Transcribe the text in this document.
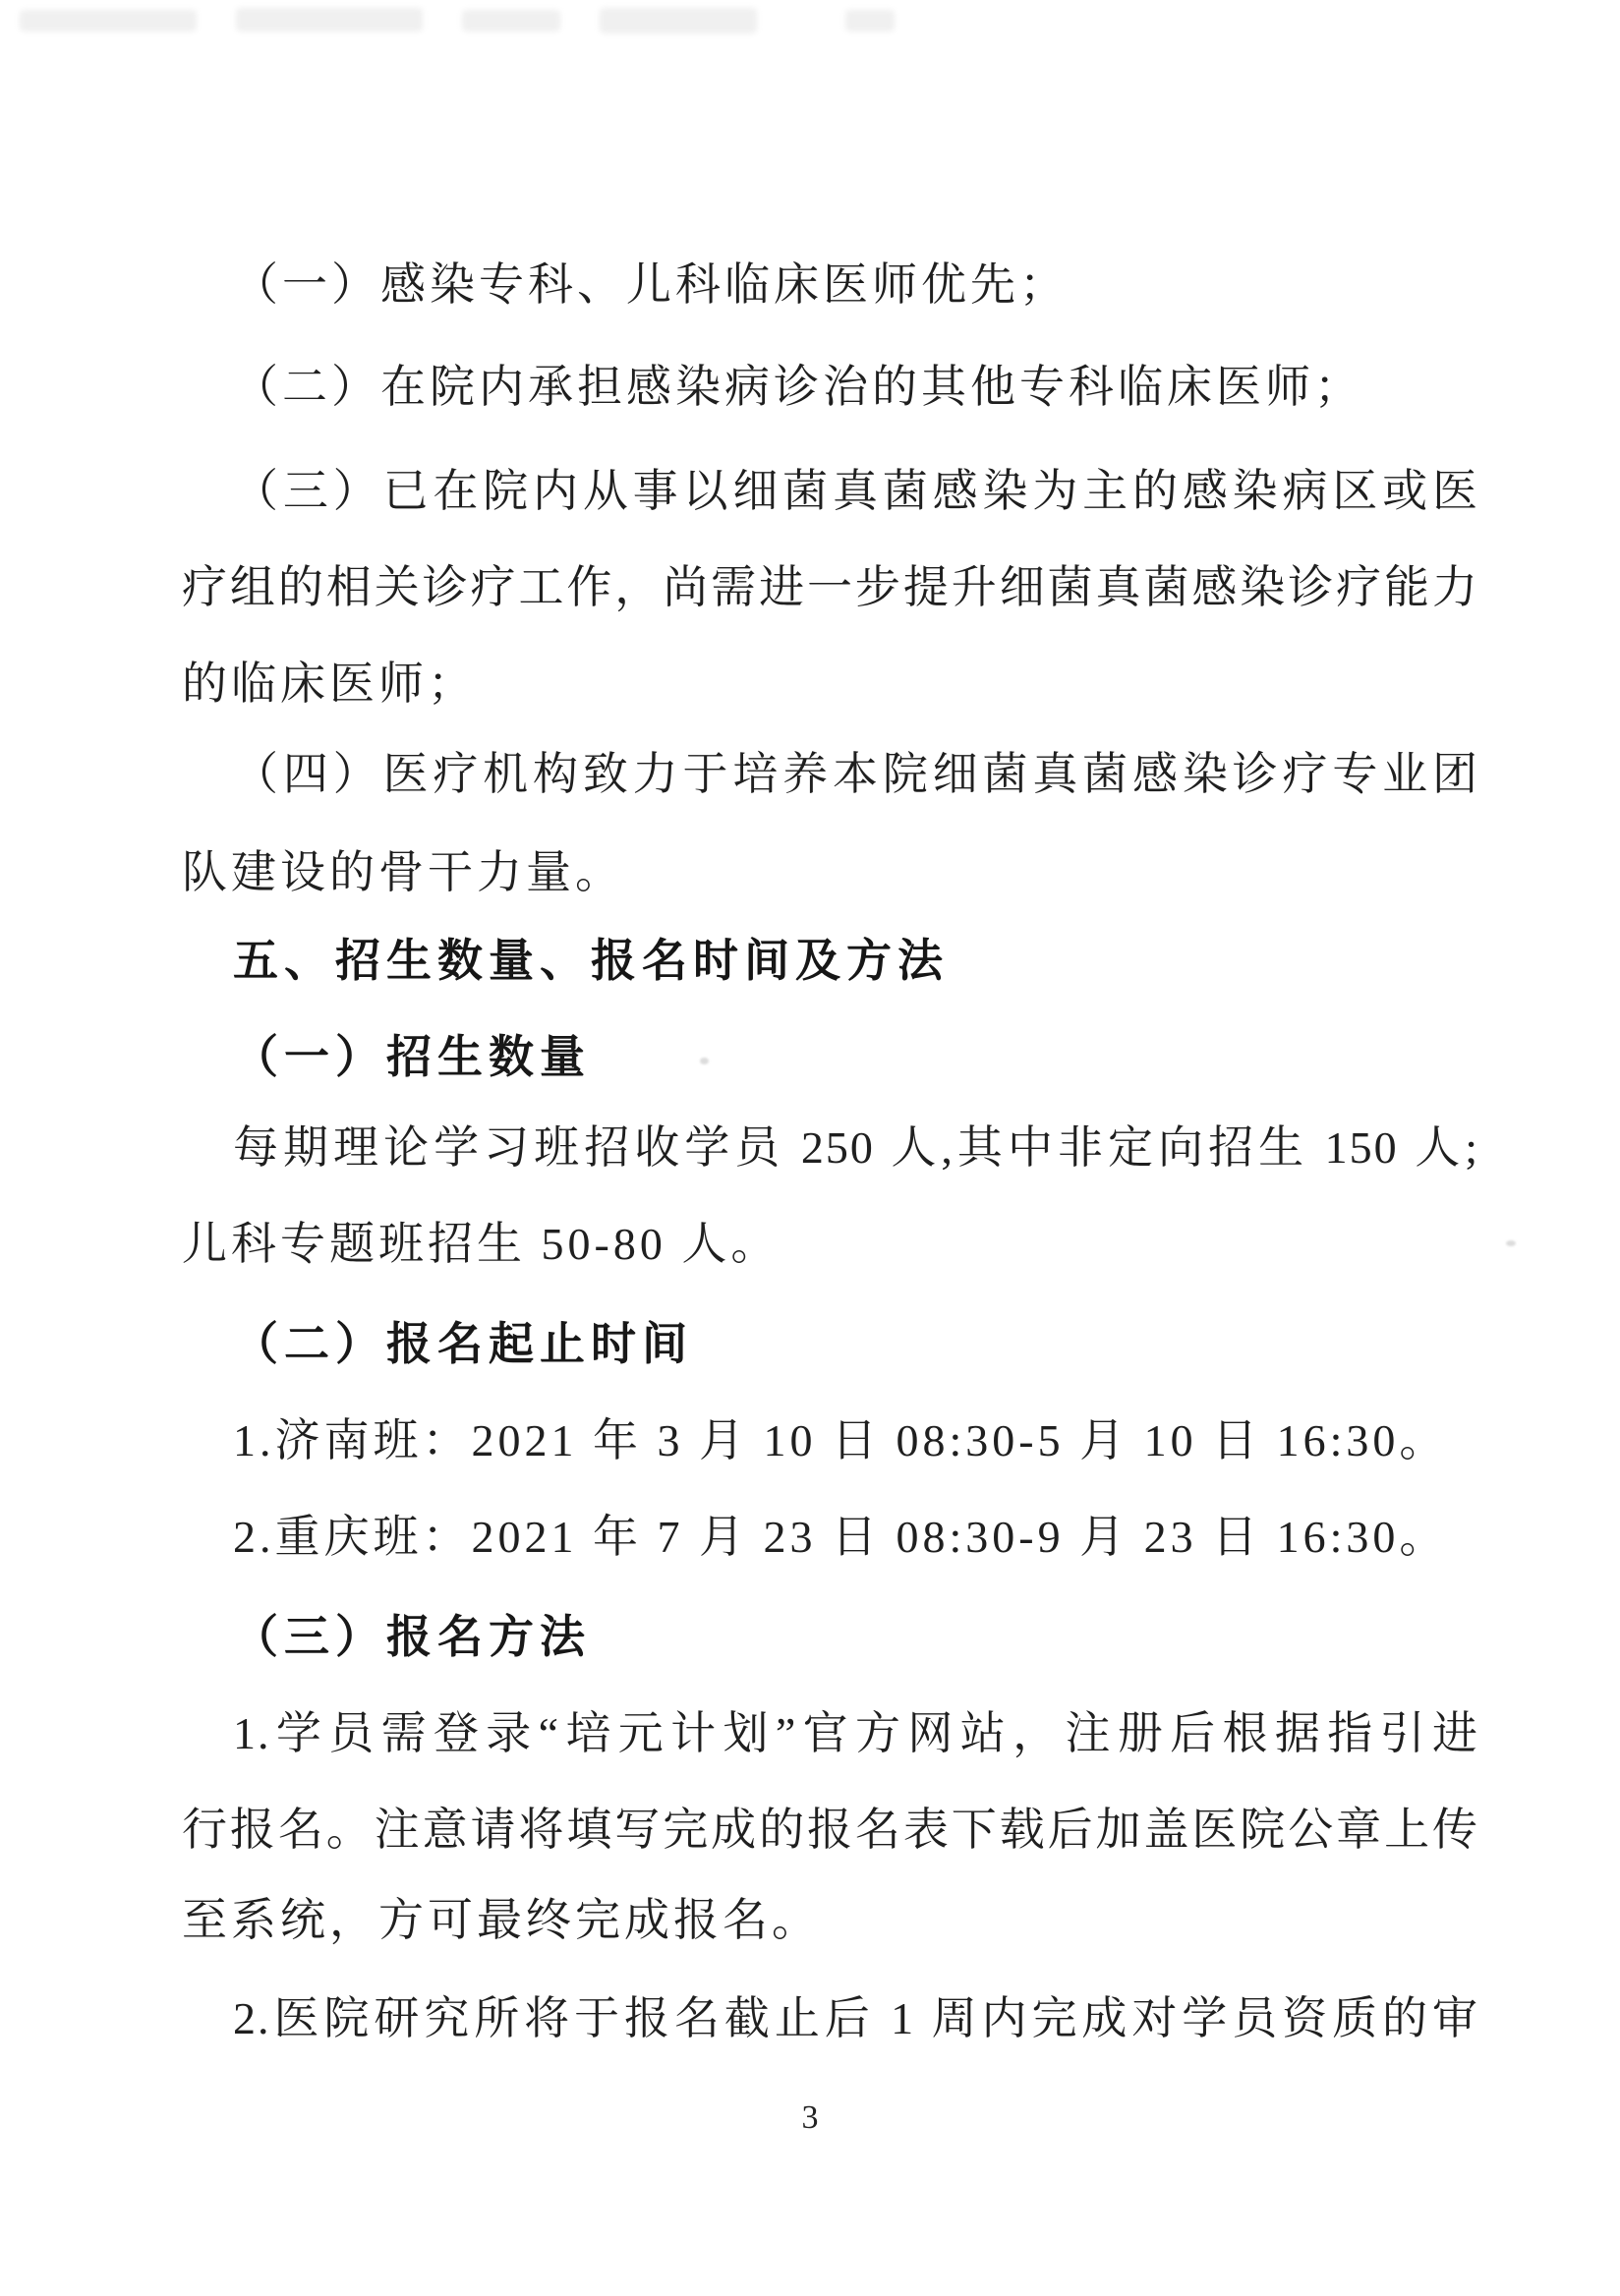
（一）感染专科、儿科临床医师优先；
（二）在院内承担感染病诊治的其他专科临床医师；
（三）已在院内从事以细菌真菌感染为主的感染病区或医
疗组的相关诊疗工作，尚需进一步提升细菌真菌感染诊疗能力
的临床医师；
（四）医疗机构致力于培养本院细菌真菌感染诊疗专业团
队建设的骨干力量。
五、招生数量、报名时间及方法
（一）招生数量
每期理论学习班招收学员 250 人,其中非定向招生 150 人;
儿科专题班招生 50-80 人。
（二）报名起止时间
1.济南班：2021 年 3 月 10 日 08:30-5 月 10 日 16:30。
2.重庆班：2021 年 7 月 23 日 08:30-9 月 23 日 16:30。
（三）报名方法
1.学员需登录“培元计划”官方网站，注册后根据指引进
行报名。注意请将填写完成的报名表下载后加盖医院公章上传
至系统，方可最终完成报名。
2.医院研究所将于报名截止后 1 周内完成对学员资质的审
3
